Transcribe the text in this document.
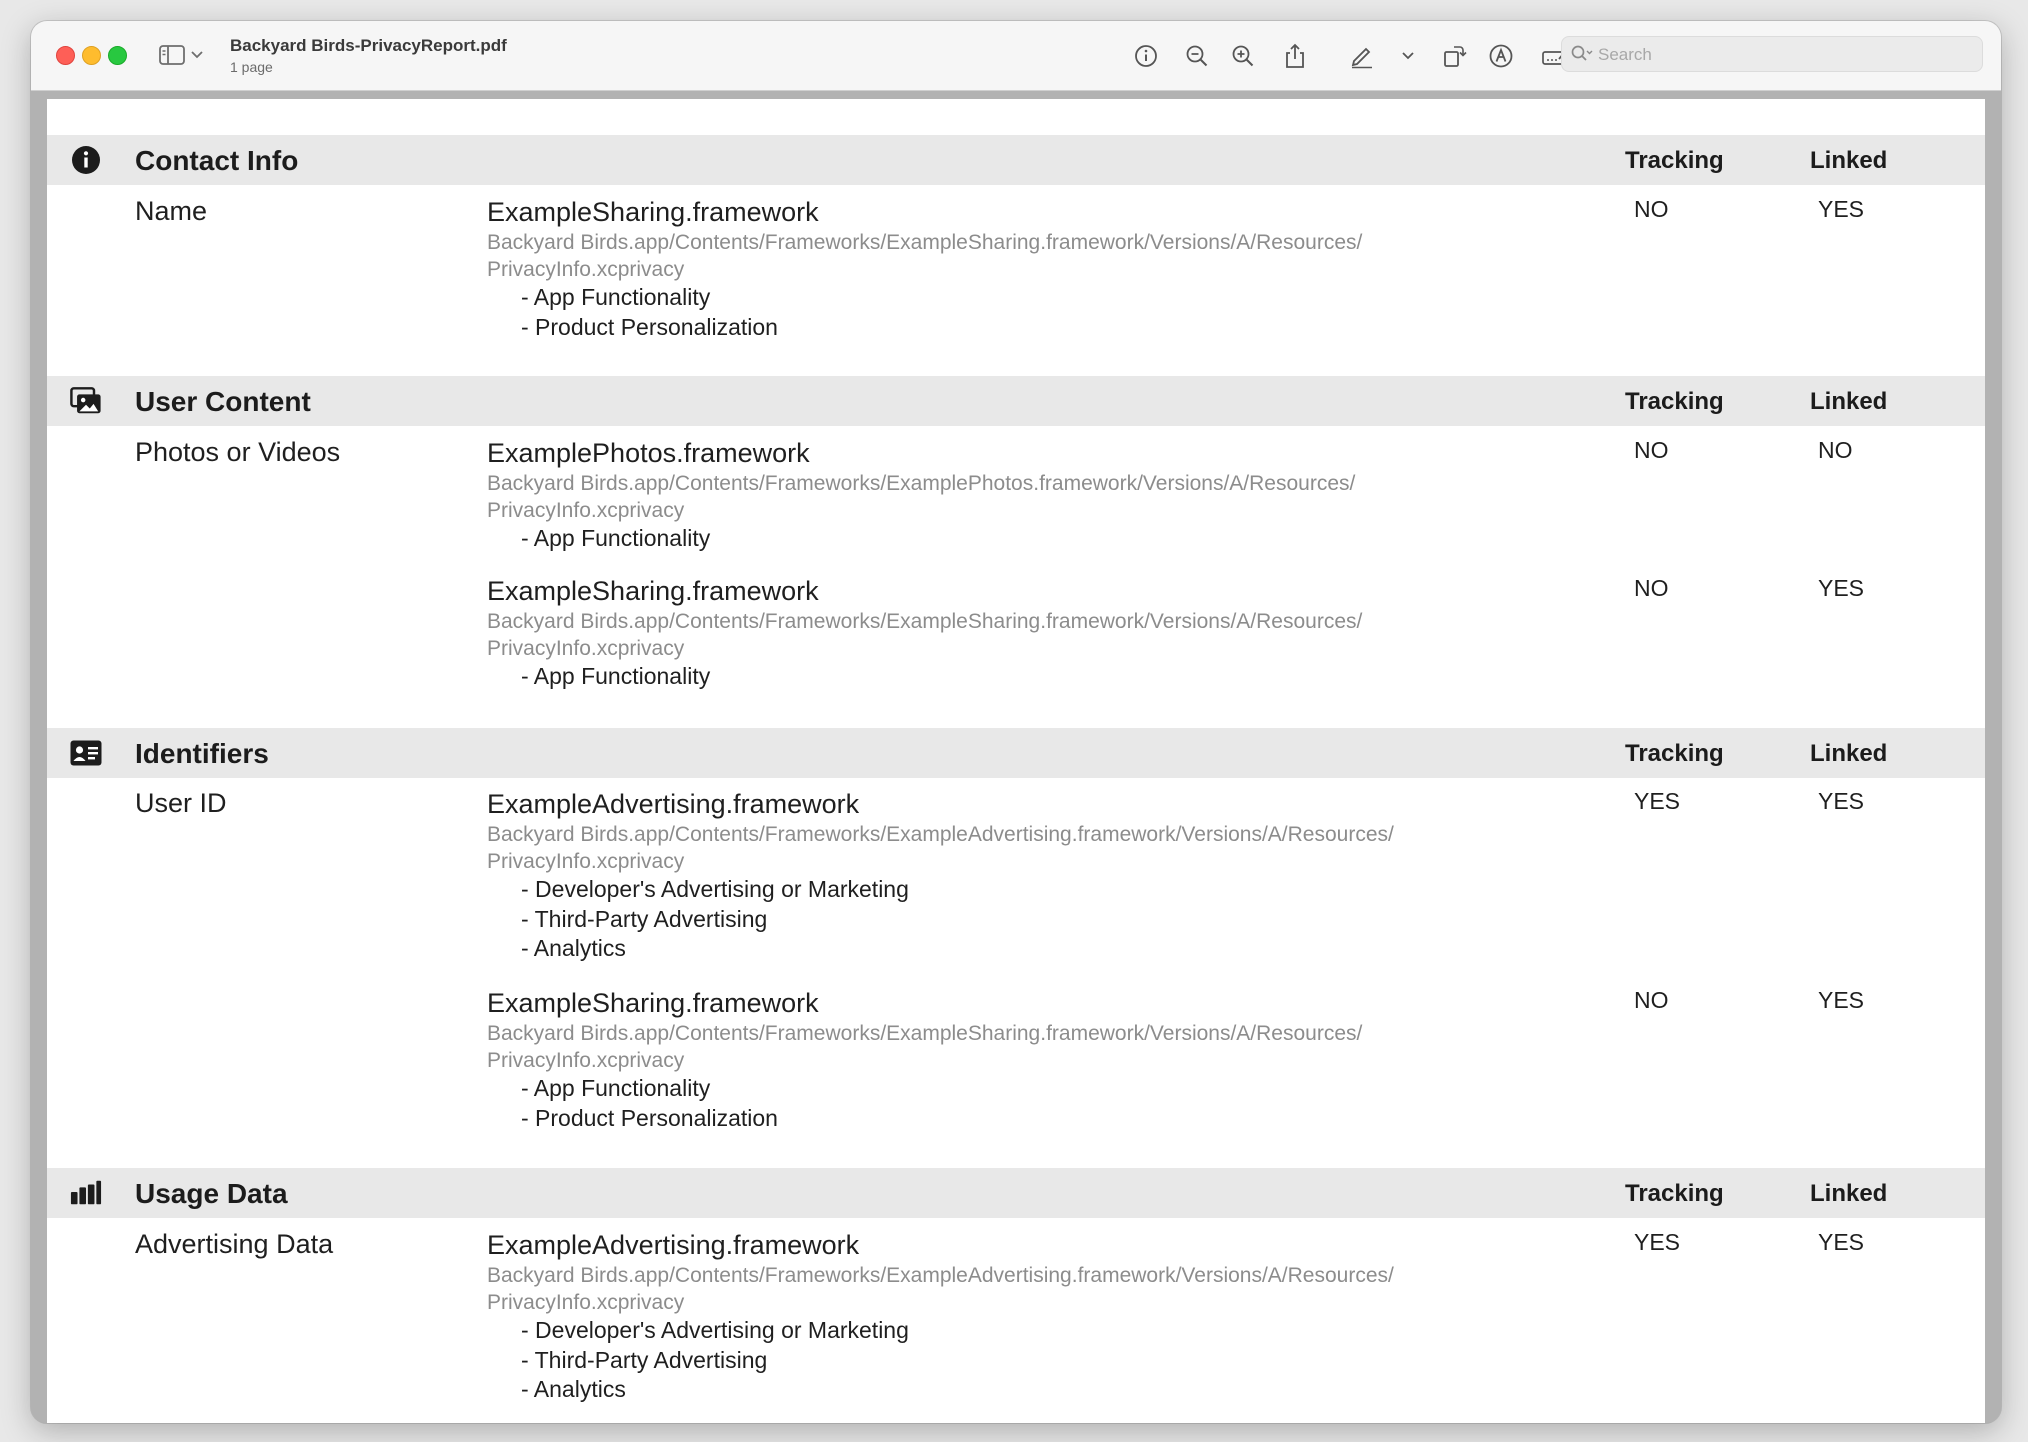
Backyard Birds-PrivacyReport.pdf
1 page
Search
Contact Info	Tracking	Linked
Name	ExampleSharing.framework
Backyard Birds.app/Contents/Frameworks/ExampleSharing.framework/Versions/A/Resources/
PrivacyInfo.xcprivacy
- App Functionality
- Product Personalization
NO	YES
User Content	Tracking	Linked
Photos or Videos	ExamplePhotos.framework
Backyard Birds.app/Contents/Frameworks/ExamplePhotos.framework/Versions/A/Resources/
PrivacyInfo.xcprivacy
- App Functionality
NO	NO
ExampleSharing.framework
Backyard Birds.app/Contents/Frameworks/ExampleSharing.framework/Versions/A/Resources/
PrivacyInfo.xcprivacy
- App Functionality
NO	YES
Identifiers	Tracking	Linked
User ID	ExampleAdvertising.framework
Backyard Birds.app/Contents/Frameworks/ExampleAdvertising.framework/Versions/A/Resources/
PrivacyInfo.xcprivacy
- Developer's Advertising or Marketing
- Third-Party Advertising
- Analytics
YES	YES
ExampleSharing.framework
Backyard Birds.app/Contents/Frameworks/ExampleSharing.framework/Versions/A/Resources/
PrivacyInfo.xcprivacy
- App Functionality
- Product Personalization
NO	YES
Usage Data	Tracking	Linked
Advertising Data	ExampleAdvertising.framework
Backyard Birds.app/Contents/Frameworks/ExampleAdvertising.framework/Versions/A/Resources/
PrivacyInfo.xcprivacy
- Developer's Advertising or Marketing
- Third-Party Advertising
- Analytics
YES	YES
